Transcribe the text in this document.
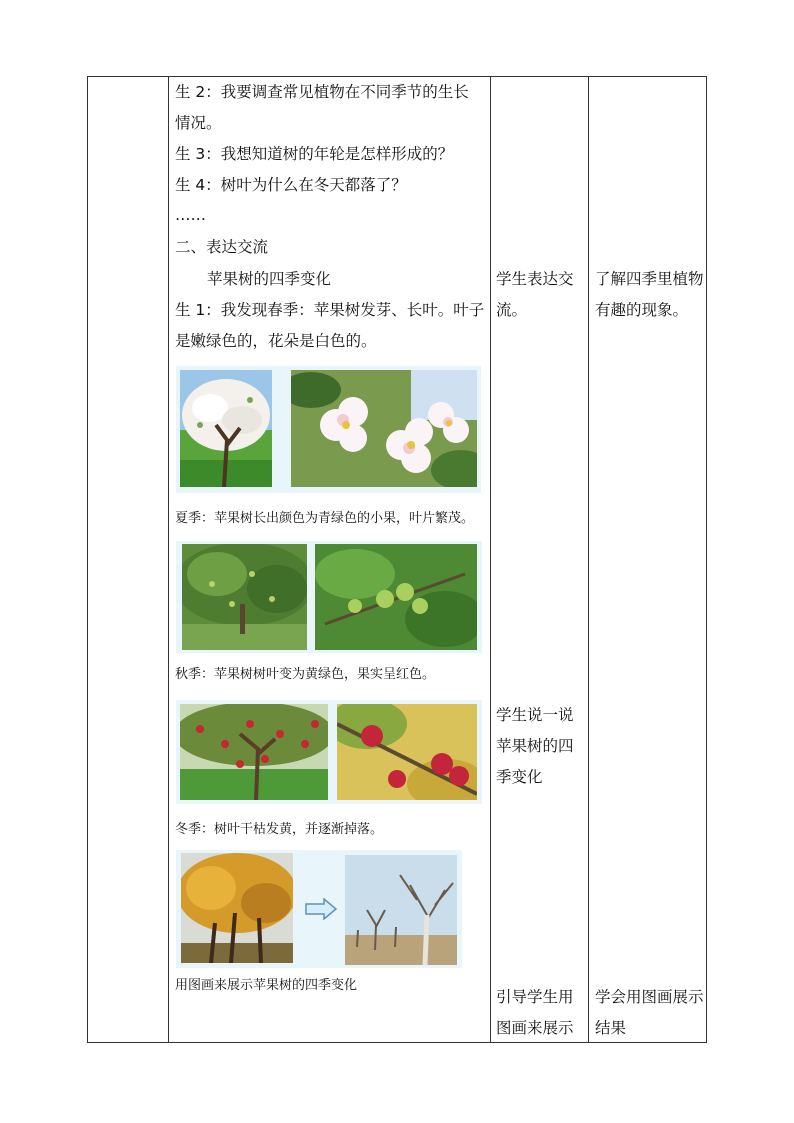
生 2：我要调查常见植物在不同季节的生长
情况。
生 3：我想知道树的年轮是怎样形成的？
生 4：树叶为什么在冬天都落了？
……
二、表达交流
苹果树的四季变化
生 1：我发现春季：苹果树发芽、长叶。叶子
是嫩绿色的，花朵是白色的。
夏季：苹果树长出颜色为青绿色的小果，叶片繁茂。
秋季：苹果树树叶变为黄绿色，果实呈红色。
冬季：树叶干枯发黄，并逐渐掉落。
用图画来展示苹果树的四季变化
学生表达交流。
学生说一说苹果树的四季变化
引导学生用图画来展示
了解四季里植物有趣的现象。
学会用图画展示结果
